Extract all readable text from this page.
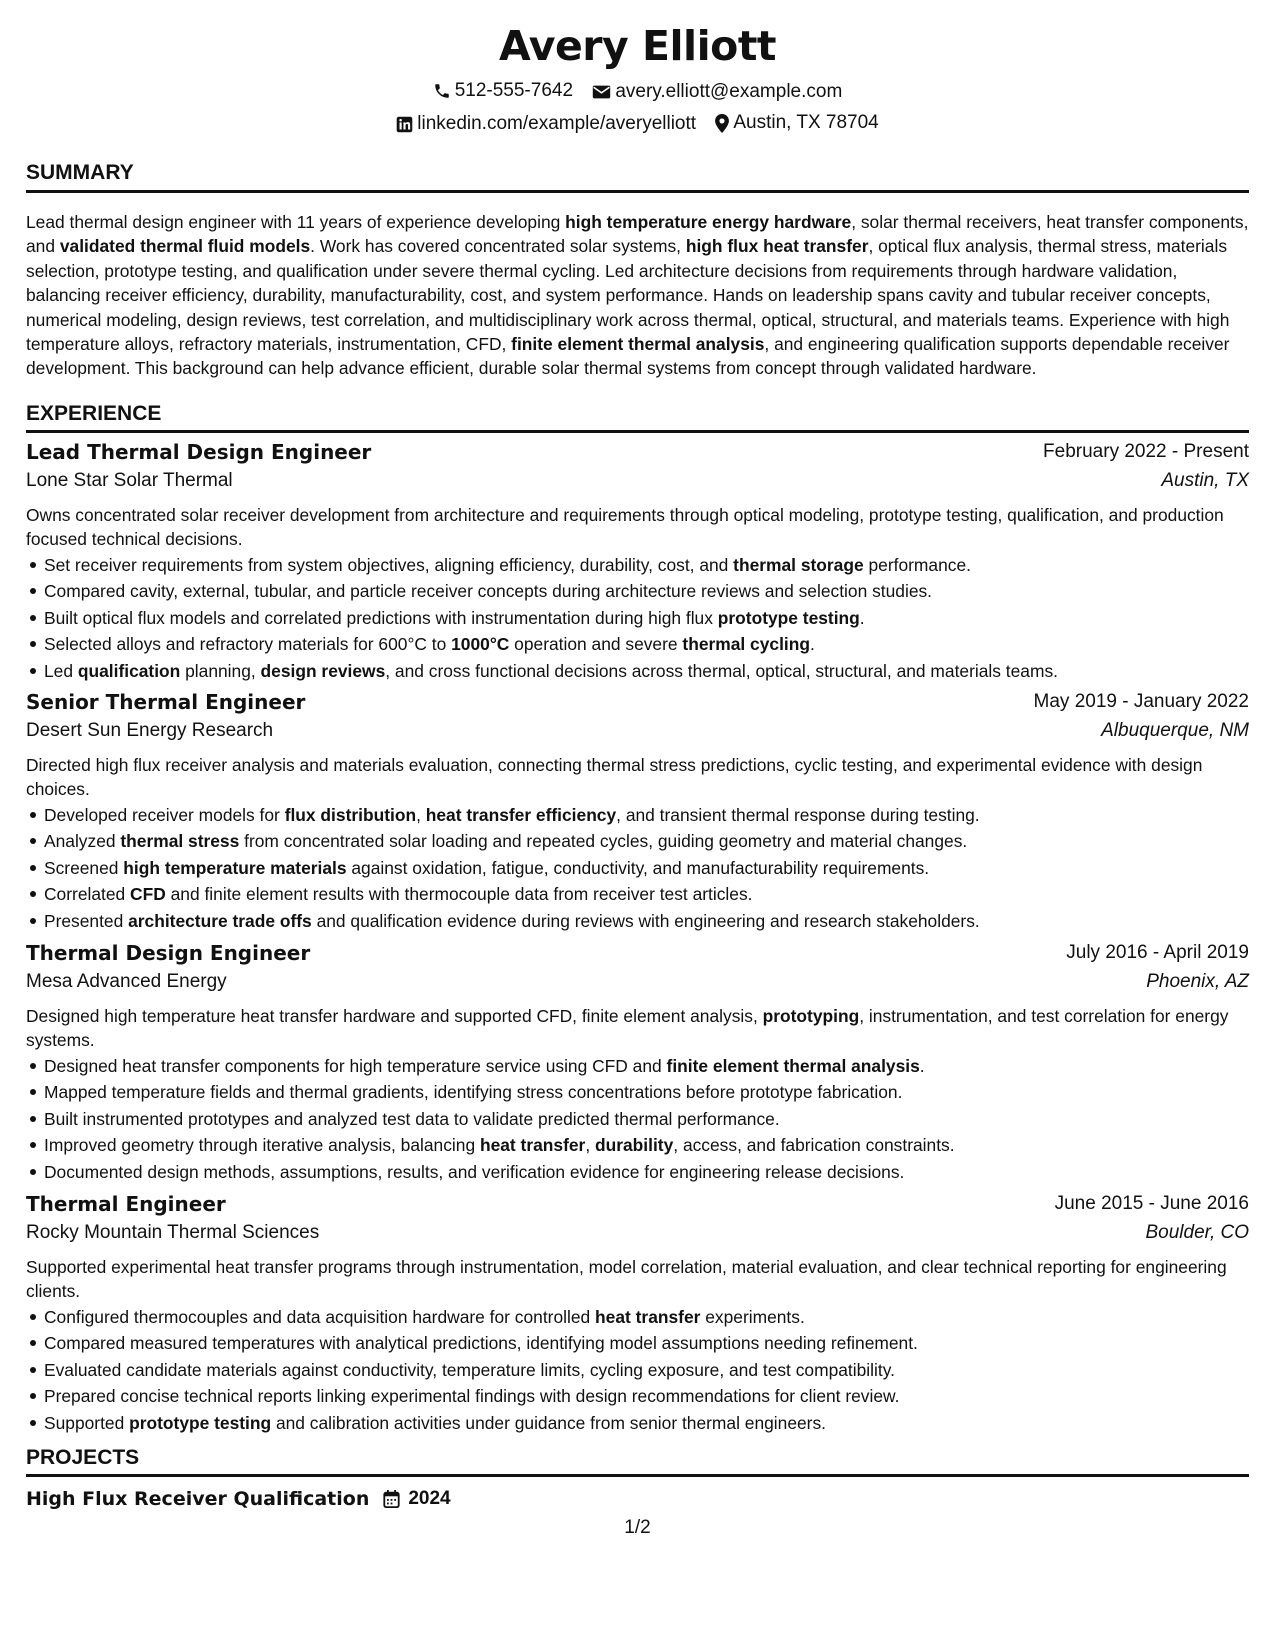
Avery Elliott
512-555-7642
avery.elliott@example.com
linkedin.com/example/averyelliott
Austin, TX 78704
SUMMARY
Lead thermal design engineer with 11 years of experience developing high temperature energy hardware, solar thermal receivers, heat transfer components, and validated thermal fluid models. Work has covered concentrated solar systems, high flux heat transfer, optical flux analysis, thermal stress, materials selection, prototype testing, and qualification under severe thermal cycling. Led architecture decisions from requirements through hardware validation, balancing receiver efficiency, durability, manufacturability, cost, and system performance. Hands on leadership spans cavity and tubular receiver concepts, numerical modeling, design reviews, test correlation, and multidisciplinary work across thermal, optical, structural, and materials teams. Experience with high temperature alloys, refractory materials, instrumentation, CFD, finite element thermal analysis, and engineering qualification supports dependable receiver development. This background can help advance efficient, durable solar thermal systems from concept through validated hardware.
EXPERIENCE
Lead Thermal Design Engineer	February 2022 - Present
Lone Star Solar Thermal	Austin, TX
Owns concentrated solar receiver development from architecture and requirements through optical modeling, prototype testing, qualification, and production focused technical decisions.
Set receiver requirements from system objectives, aligning efficiency, durability, cost, and thermal storage performance.
Compared cavity, external, tubular, and particle receiver concepts during architecture reviews and selection studies.
Built optical flux models and correlated predictions with instrumentation during high flux prototype testing.
Selected alloys and refractory materials for 600°C to 1000°C operation and severe thermal cycling.
Led qualification planning, design reviews, and cross functional decisions across thermal, optical, structural, and materials teams.
Senior Thermal Engineer	May 2019 - January 2022
Desert Sun Energy Research	Albuquerque, NM
Directed high flux receiver analysis and materials evaluation, connecting thermal stress predictions, cyclic testing, and experimental evidence with design choices.
Developed receiver models for flux distribution, heat transfer efficiency, and transient thermal response during testing.
Analyzed thermal stress from concentrated solar loading and repeated cycles, guiding geometry and material changes.
Screened high temperature materials against oxidation, fatigue, conductivity, and manufacturability requirements.
Correlated CFD and finite element results with thermocouple data from receiver test articles.
Presented architecture trade offs and qualification evidence during reviews with engineering and research stakeholders.
Thermal Design Engineer	July 2016 - April 2019
Mesa Advanced Energy	Phoenix, AZ
Designed high temperature heat transfer hardware and supported CFD, finite element analysis, prototyping, instrumentation, and test correlation for energy systems.
Designed heat transfer components for high temperature service using CFD and finite element thermal analysis.
Mapped temperature fields and thermal gradients, identifying stress concentrations before prototype fabrication.
Built instrumented prototypes and analyzed test data to validate predicted thermal performance.
Improved geometry through iterative analysis, balancing heat transfer, durability, access, and fabrication constraints.
Documented design methods, assumptions, results, and verification evidence for engineering release decisions.
Thermal Engineer	June 2015 - June 2016
Rocky Mountain Thermal Sciences	Boulder, CO
Supported experimental heat transfer programs through instrumentation, model correlation, material evaluation, and clear technical reporting for engineering clients.
Configured thermocouples and data acquisition hardware for controlled heat transfer experiments.
Compared measured temperatures with analytical predictions, identifying model assumptions needing refinement.
Evaluated candidate materials against conductivity, temperature limits, cycling exposure, and test compatibility.
Prepared concise technical reports linking experimental findings with design recommendations for client review.
Supported prototype testing and calibration activities under guidance from senior thermal engineers.
PROJECTS
High Flux Receiver Qualification 2024
1/2
